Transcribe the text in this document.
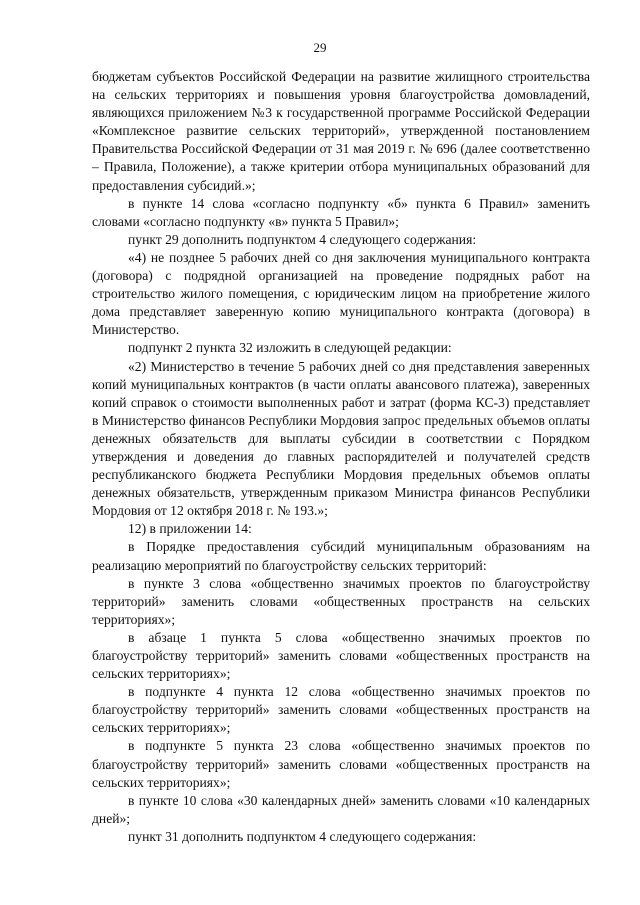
29

бюджетам субъектов Российской Федерации на развитие жилищного строительства на сельских территориях и повышения уровня благоустройства домовладений, являющихся приложением №3 к государственной программе Российской Федерации «Комплексное развитие сельских территорий», утвержденной постановлением Правительства Российской Федерации от 31 мая 2019 г. № 696 (далее соответственно – Правила, Положение), а также критерии отбора муниципальных образований для предоставления субсидий.»;

в пункте 14 слова «согласно подпункту «б» пункта 6 Правил» заменить словами «согласно подпункту «в» пункта 5 Правил»;

пункт 29 дополнить подпунктом 4 следующего содержания:

«4) не позднее 5 рабочих дней со дня заключения муниципального контракта (договора) с подрядной организацией на проведение подрядных работ на строительство жилого помещения, с юридическим лицом на приобретение жилого дома представляет заверенную копию муниципального контракта (договора) в Министерство.

подпункт 2 пункта 32 изложить в следующей редакции:

«2) Министерство в течение 5 рабочих дней со дня представления заверенных копий муниципальных контрактов (в части оплаты авансового платежа), заверенных копий справок о стоимости выполненных работ и затрат (форма КС-3) представляет в Министерство финансов Республики Мордовия запрос предельных объемов оплаты денежных обязательств для выплаты субсидии в соответствии с Порядком утверждения и доведения до главных распорядителей и получателей средств республиканского бюджета Республики Мордовия предельных объемов оплаты денежных обязательств, утвержденным приказом Министра финансов Республики Мордовия от 12 октября 2018 г. № 193.»;

12) в приложении 14:

в Порядке предоставления субсидий муниципальным образованиям на реализацию мероприятий по благоустройству сельских территорий:

в пункте 3 слова «общественно значимых проектов по благоустройству территорий» заменить словами «общественных пространств на сельских территориях»;

в абзаце 1 пункта 5 слова «общественно значимых проектов по благоустройству территорий» заменить словами «общественных пространств на сельских территориях»;

в подпункте 4 пункта 12 слова «общественно значимых проектов по благоустройству территорий» заменить словами «общественных пространств на сельских территориях»;

в подпункте 5 пункта 23 слова «общественно значимых проектов по благоустройству территорий» заменить словами «общественных пространств на сельских территориях»;

в пункте 10 слова «30 календарных дней» заменить словами «10 календарных дней»;

пункт 31 дополнить подпунктом 4 следующего содержания:
